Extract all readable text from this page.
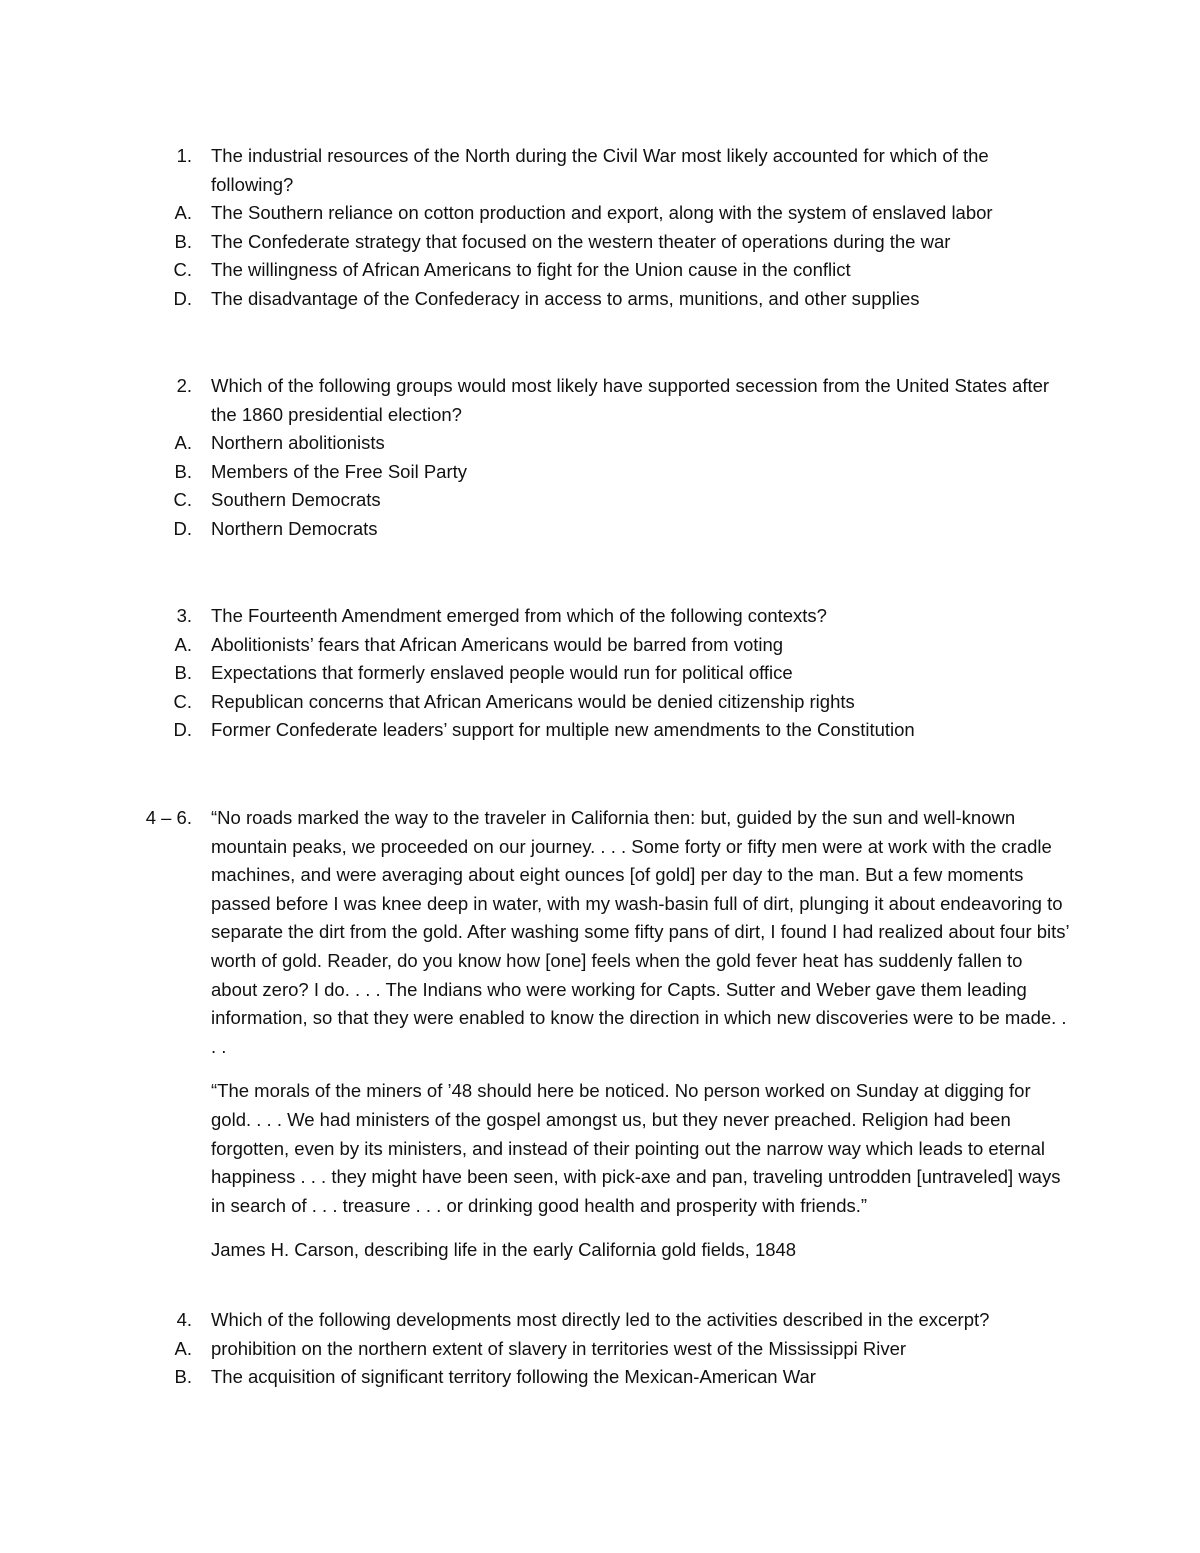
1. The industrial resources of the North during the Civil War most likely accounted for which of the following?
A. The Southern reliance on cotton production and export, along with the system of enslaved labor
B. The Confederate strategy that focused on the western theater of operations during the war
C. The willingness of African Americans to fight for the Union cause in the conflict
D. The disadvantage of the Confederacy in access to arms, munitions, and other supplies
2. Which of the following groups would most likely have supported secession from the United States after the 1860 presidential election?
A. Northern abolitionists
B. Members of the Free Soil Party
C. Southern Democrats
D. Northern Democrats
3. The Fourteenth Amendment emerged from which of the following contexts?
A. Abolitionists’ fears that African Americans would be barred from voting
B. Expectations that formerly enslaved people would run for political office
C. Republican concerns that African Americans would be denied citizenship rights
D. Former Confederate leaders’ support for multiple new amendments to the Constitution
4 – 6. “No roads marked the way to the traveler in California then: but, guided by the sun and well-known mountain peaks, we proceeded on our journey. . . . Some forty or fifty men were at work with the cradle machines, and were averaging about eight ounces [of gold] per day to the man. But a few moments passed before I was knee deep in water, with my wash-basin full of dirt, plunging it about endeavoring to separate the dirt from the gold. After washing some fifty pans of dirt, I found I had realized about four bits’ worth of gold. Reader, do you know how [one] feels when the gold fever heat has suddenly fallen to about zero? I do. . . . The Indians who were working for Capts. Sutter and Weber gave them leading information, so that they were enabled to know the direction in which new discoveries were to be made. . . .
“The morals of the miners of ’48 should here be noticed. No person worked on Sunday at digging for gold. . . . We had ministers of the gospel amongst us, but they never preached. Religion had been forgotten, even by its ministers, and instead of their pointing out the narrow way which leads to eternal happiness . . . they might have been seen, with pick-axe and pan, traveling untrodden [untraveled] ways in search of . . . treasure . . . or drinking good health and prosperity with friends.”
James H. Carson, describing life in the early California gold fields, 1848
4. Which of the following developments most directly led to the activities described in the excerpt?
A. prohibition on the northern extent of slavery in territories west of the Mississippi River
B. The acquisition of significant territory following the Mexican-American War
